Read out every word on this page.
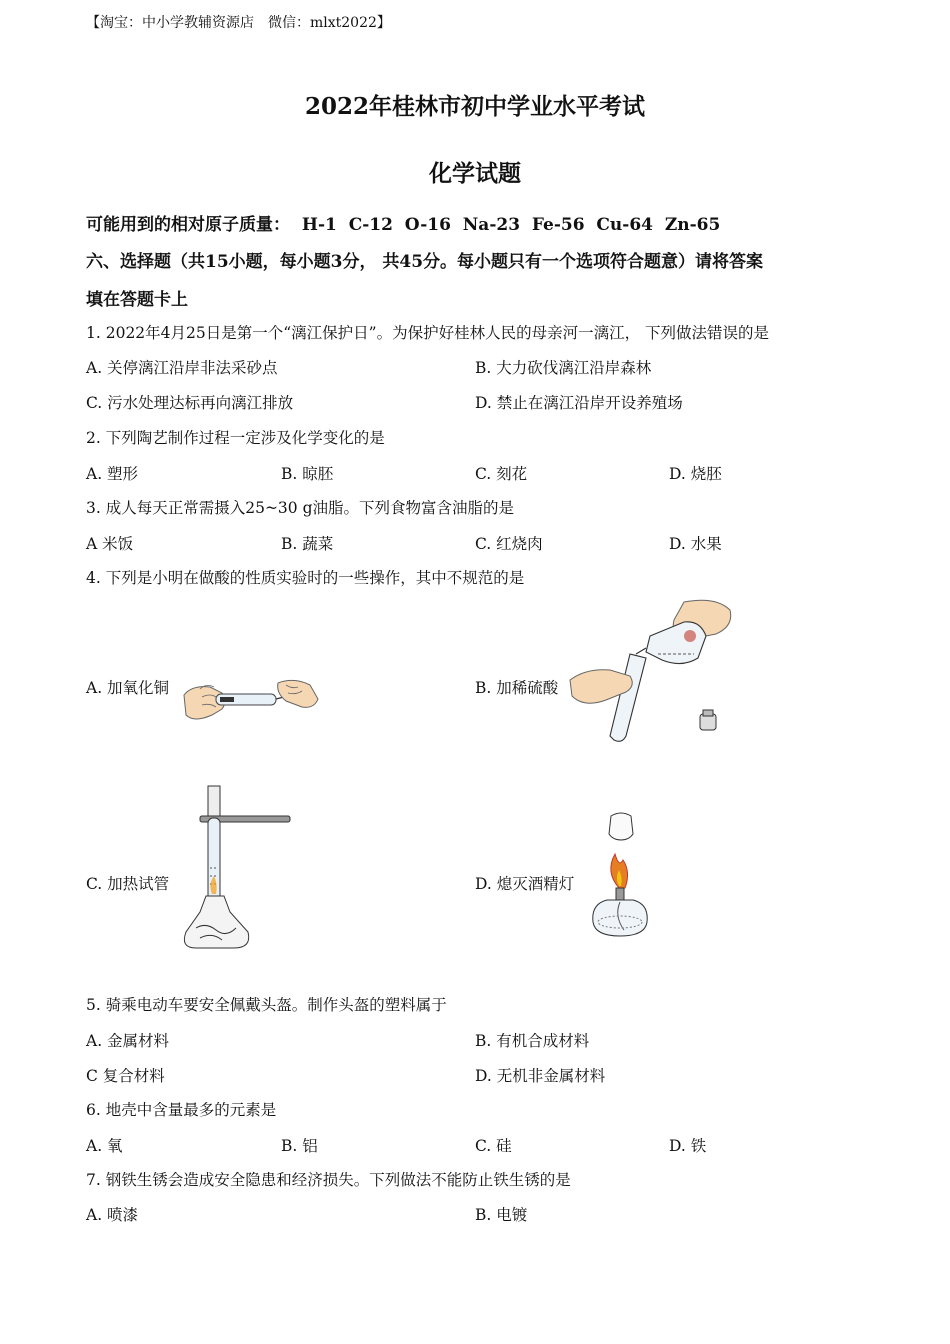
【淘宝：中小学教辅资源店　微信：mlxt2022】
2022年桂林市初中学业水平考试
化学试题
可能用到的相对原子质量： H-1  C-12  O-16  Na-23  Fe-56  Cu-64  Zn-65
六、选择题（共15小题，每小题3分， 共45分。每小题只有一个选项符合题意）请将答案
填在答题卡上
1. 2022年4月25日是第一个“漓江保护日”。为保护好桂林人民的母亲河一漓江， 下列做法错误的是
A. 关停漓江沿岸非法采砂点	B. 大力砍伐漓江沿岸森林
C. 污水处理达标再向漓江排放	D. 禁止在漓江沿岸开设养殖场
2. 下列陶艺制作过程一定涉及化学变化的是
A. 塑形	B. 晾胚	C. 刻花	D. 烧胚
3. 成人每天正常需摄入25~30 g油脂。下列食物富含油脂的是
A 米饭	B. 蔬菜	C. 红烧肉	D. 水果
4. 下列是小明在做酸的性质实验时的一些操作，其中不规范的是
A. 加氧化铜	B. 加稀硫酸
C. 加热试管	D. 熄灭酒精灯
5. 骑乘电动车要安全佩戴头盔。制作头盔的塑料属于
A. 金属材料	B. 有机合成材料
C 复合材料	D. 无机非金属材料
6. 地壳中含量最多的元素是
A. 氧	B. 铝	C. 硅	D. 铁
7. 钢铁生锈会造成安全隐患和经济损失。下列做法不能防止铁生锈的是
A. 喷漆	B. 电镀
